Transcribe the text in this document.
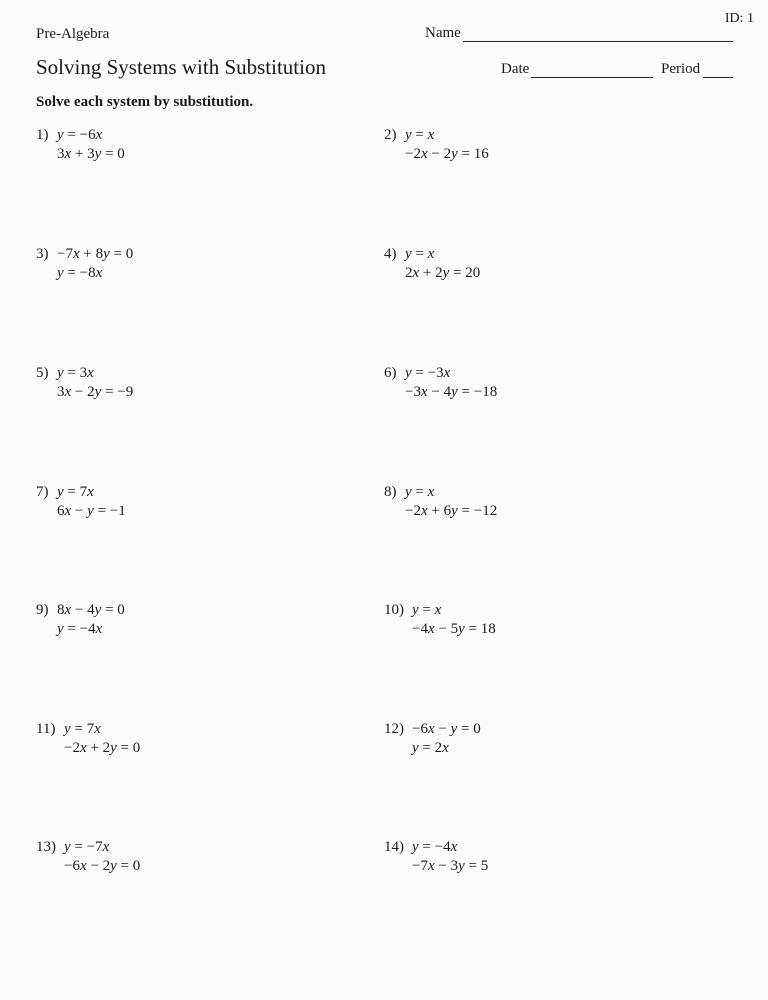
ID: 1
Pre-Algebra	Name
Solving Systems with Substitution	Date	Period
Solve each system by substitution.
1) y = −6x
3x + 3y = 0
3) −7x + 8y = 0
y = −8x
5) y = 3x
3x − 2y = −9
7) y = 7x
6x − y = −1
9) 8x − 4y = 0
y = −4x
11) y = 7x
−2x + 2y = 0
13) y = −7x
−6x − 2y = 0
2) y = x
−2x − 2y = 16
4) y = x
2x + 2y = 20
6) y = −3x
−3x − 4y = −18
8) y = x
−2x + 6y = −12
10) y = x
−4x − 5y = 18
12) −6x − y = 0
y = 2x
14) y = −4x
−7x − 3y = 5
